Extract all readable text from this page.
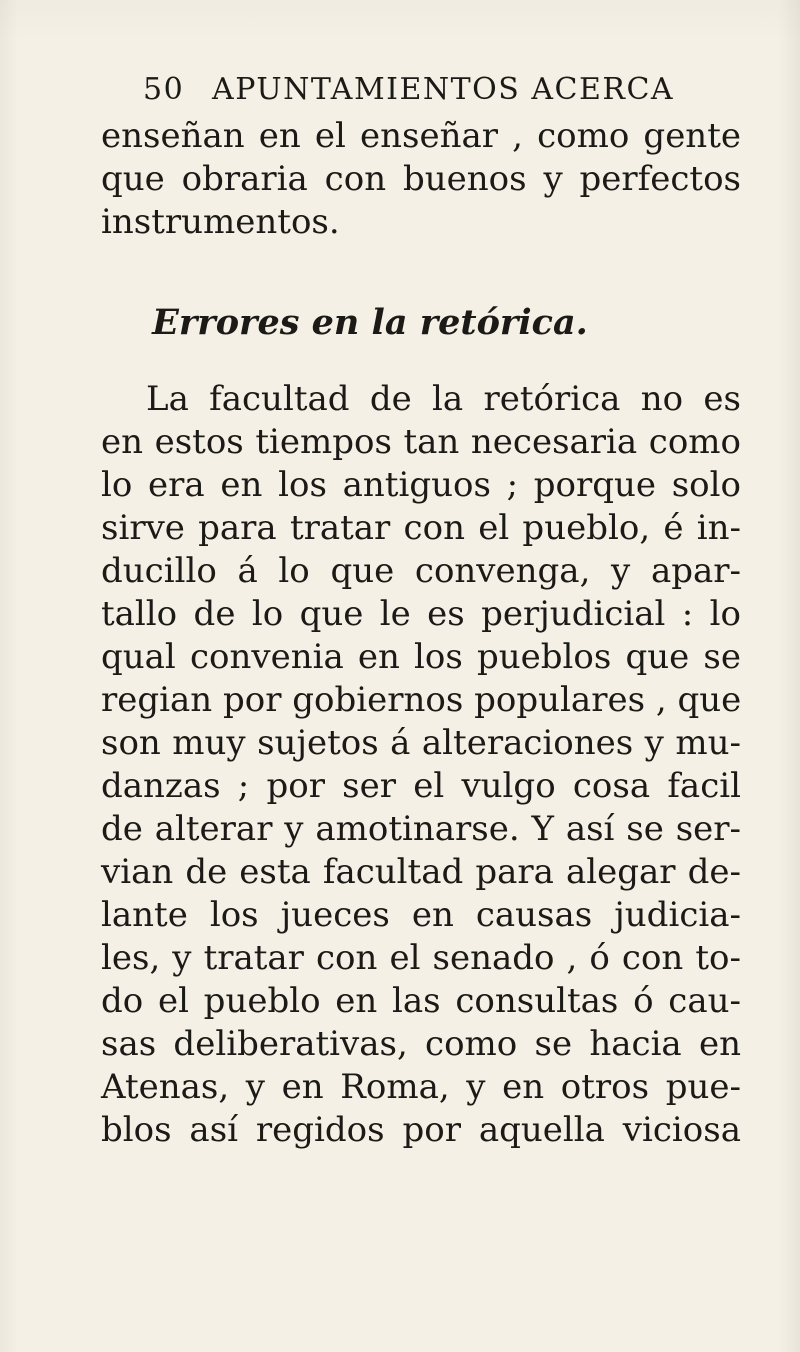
50 APUNTAMIENTOS ACERCA
enseñan en el enseñar , como gente
que obraria con buenos y perfectos
instrumentos.
Errores en la retórica.
La facultad de la retórica no es
en estos tiempos tan necesaria como
lo era en los antiguos ; porque solo
sirve para tratar con el pueblo, é in-
ducillo á lo que convenga, y apar-
tallo de lo que le es perjudicial : lo
qual convenia en los pueblos que se
regian por gobiernos populares , que
son muy sujetos á alteraciones y mu-
danzas ; por ser el vulgo cosa facil
de alterar y amotinarse. Y así se ser-
vian de esta facultad para alegar de-
lante los jueces en causas judicia-
les, y tratar con el senado , ó con to-
do el pueblo en las consultas ó cau-
sas deliberativas, como se hacia en
Atenas, y en Roma, y en otros pue-
blos así regidos por aquella viciosa
